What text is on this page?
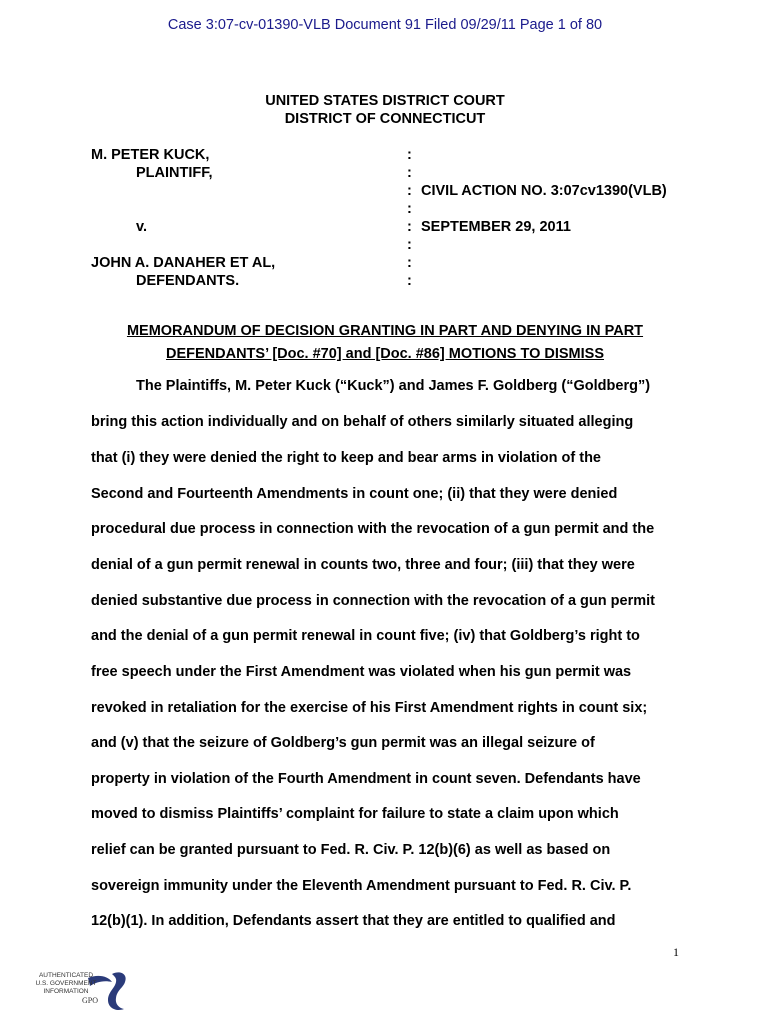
Case 3:07-cv-01390-VLB Document 91 Filed 09/29/11 Page 1 of 80
UNITED STATES DISTRICT COURT
DISTRICT OF CONNECTICUT
M. PETER KUCK,
PLAINTIFF,
v.
JOHN A. DANAHER ET AL,
DEFENDANTS.
:
:
:
:
:
:
:
:
CIVIL ACTION NO. 3:07cv1390(VLB)
SEPTEMBER 29, 2011
MEMORANDUM OF DECISION GRANTING IN PART AND DENYING IN PART
DEFENDANTS’ [Doc. #70] and [Doc. #86] MOTIONS TO DISMISS
The Plaintiffs, M. Peter Kuck (“Kuck”) and James F. Goldberg (“Goldberg”)
bring this action individually and on behalf of others similarly situated alleging
that (i) they were denied the right to keep and bear arms in violation of the
Second and Fourteenth Amendments in count one; (ii) that they were denied
procedural due process in connection with the revocation of a gun permit and the
denial of a gun permit renewal in counts two, three and four; (iii) that they were
denied substantive due process in connection with the revocation of a gun permit
and the denial of a gun permit renewal in count five; (iv) that Goldberg’s right to
free speech under the First Amendment was violated when his gun permit was
revoked in retaliation for the exercise of his First Amendment rights in count six;
and (v) that the seizure of Goldberg’s gun permit was an illegal seizure of
property in violation of the Fourth Amendment in count seven. Defendants have
moved to dismiss Plaintiffs’ complaint for failure to state a claim upon which
relief can be granted pursuant to Fed. R. Civ. P. 12(b)(6) as well as based on
sovereign immunity under the Eleventh Amendment pursuant to Fed. R. Civ. P.
12(b)(1). In addition, Defendants assert that they are entitled to qualified and
1
AUTHENTICATED
U.S. GOVERNMENT
INFORMATION
GPO
